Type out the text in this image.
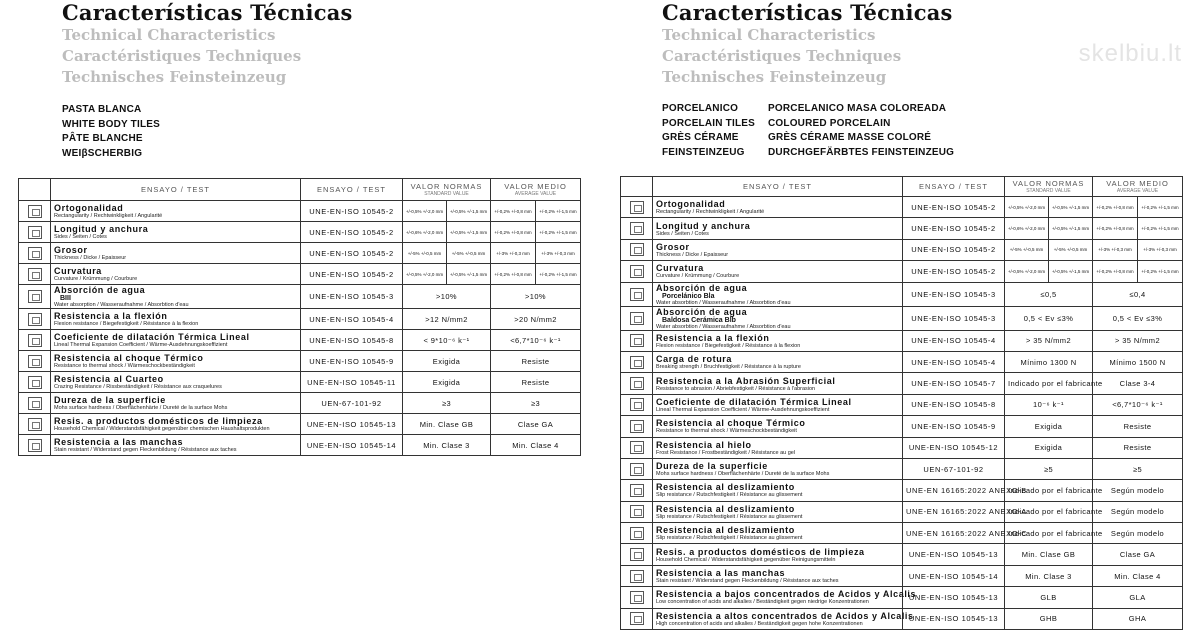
Características Técnicas
Technical Characteristics
Caractéristiques Techniques
Technisches Feinsteinzeug
PASTA BLANCA
WHITE BODY TILES
PÂTE BLANCHE
WEIβSCHERBIG
	ENSAYO / TEST	ENSAYO / TEST	VALOR NORMAS
STANDARD VALUE		VALOR MEDIO
AVERAGE VALUE	

	Ortogonalidad
Rectangularity / Rechtwinkligkeit / Angularité	UNE-EN-ISO 10545-2	+/-0,5% +/-2,0 mm	+/-0,5% +/-1,5 mm	+/-0,2% +/-0,8 mm	+/-0,2% +/-1,5 mm

	Longitud y anchura
Sides / Seiten / Cotes	UNE-EN-ISO 10545-2	+/-0,6% +/-2,0 mm	+/-0,5% +/-1,5 mm	+/-0,2% +/-0,8 mm	+/-0,2% +/-1,5 mm

	Grosor
Thickness / Dicke / Epaisseur	UNE-EN-ISO 10545-2	+/-5% +/-0,5 mm	+/-5% +/-0,5 mm	+/-3% +/-0,3 mm	+/-3% +/-0,3 mm

	Curvatura
Curvature / Krümmung / Courbure	UNE-EN-ISO 10545-2	+/-0,5% +/-2,0 mm	+/-0,5% +/-1,5 mm	+/-0,2% +/-0,8 mm	+/-0,2% +/-1,5 mm

	Absorción de agua
BIII
Water absorption / Wasseraufnahme / Absorbtion d'eau	UNE-EN-ISO 10545-3	>10%		>10%	

	Resistencia a la flexión
Flexion resistance / Biegefestigkeit / Résistance à la flexion	UNE-EN-ISO 10545-4	>12 N/mm2		>20 N/mm2	

	Coeficiente de dilatación Térmica Lineal
Lineal Thermal Expansion Coefficient / Wärme-Ausdehnungskoeffizient	UNE-EN-ISO 10545-8	< 9*10⁻⁶ k⁻¹		<6,7*10⁻⁶ k⁻¹	

	Resistencia al choque Térmico
Resistance to thermal shock / Wärmeschockbeständigkeit	UNE-EN-ISO 10545-9	Exigida		Resiste	

	Resistencia al Cuarteo
Crazing Resistance / Rissbeständigkeit / Résistance aux craquelures	UNE-EN-ISO 10545-11	Exigida		Resiste	

	Dureza de la superficie
Mohs surface hardness / Oberflächenhärte / Dureté de la surface Mohs	UEN-67-101-92	≥3		≥3	

	Resis. a productos domésticos de limpieza
Household Chemical / Widerstandsfähigkeit gegenüber chemischen Haushaltsprodukten	UNE-EN-ISO 10545-13	Min. Clase GB		Clase GA	

	Resistencia a las manchas
Stain resistant / Widerstand gegen Fleckenbildung / Résistance aux taches	UNE-EN-ISO 10545-14	Min. Clase 3		Min. Clase 4	
Características Técnicas
Technical Characteristics
Caractéristiques Techniques
Technisches Feinsteinzeug
skelbiu.lt
PORCELANICO
PORCELAIN TILES
GRÈS CÉRAME
FEINSTEINZEUG
PORCELANICO MASA COLOREADA
COLOURED PORCELAIN
GRÈS CÉRAME MASSE COLORÉ
DURCHGEFÄRBTES FEINSTEINZEUG
	ENSAYO / TEST	ENSAYO / TEST	VALOR NORMAS
STANDARD VALUE		VALOR MEDIO
AVERAGE VALUE	

	Ortogonalidad
Rectangularity / Rechtwinkligkeit / Angularité	UNE-EN-ISO 10545-2	+/-0,5% +/-2,0 mm	+/-0,5% +/-1,5 mm	+/-0,2% +/-0,8 mm	+/-0,2% +/-1,5 mm

	Longitud y anchura
Sides / Seiten / Cotes	UNE-EN-ISO 10545-2	+/-0,6% +/-2,0 mm	+/-0,5% +/-1,5 mm	+/-0,2% +/-0,8 mm	+/-0,2% +/-1,5 mm

	Grosor
Thickness / Dicke / Epaisseur	UNE-EN-ISO 10545-2	+/-5% +/-0,5 mm	+/-5% +/-0,5 mm	+/-3% +/-0,3 mm	+/-3% +/-0,3 mm

	Curvatura
Curvature / Krümmung / Courbure	UNE-EN-ISO 10545-2	+/-0,5% +/-2,0 mm	+/-0,5% +/-1,5 mm	+/-0,2% +/-0,8 mm	+/-0,2% +/-1,5 mm

	Absorción de agua
Porcelánico Bla
Water absorbtion / Wasseraufnahme / Absorbtion d'eau	UNE-EN-ISO 10545-3	≤0,5		≤0,4	

	Absorción de agua
Baldosa Cerámica Blb
Water absorbtion / Wasseraufnahme / Absorbtion d'eau	UNE-EN-ISO 10545-3	0,5 < Ev ≤3%		0,5 < Ev ≤3%	

	Resistencia a la flexión
Flexion resistance / Biegefestigkeit / Résistance à la flexion	UNE-EN-ISO 10545-4	> 35 N/mm2		> 35 N/mm2	

	Carga de rotura
Breaking strength / Bruchfestigkeit / Résistance à la rupture	UNE-EN-ISO 10545-4	Mínimo 1300 N		Mínimo 1500 N	

	Resistencia a la Abrasión Superficial
Resistance to abrasion / Abriebfestigkeit / Résistance à l'abrasion	UNE-EN-ISO 10545-7	Indicado por el fabricante		Clase 3-4	

	Coeficiente de dilatación Térmica Lineal
Lineal Thermal Expansion Coefficient / Wärme-Ausdehnungskoeffizient	UNE-EN-ISO 10545-8	10⁻⁶ k⁻¹		<6,7*10⁻⁶ k⁻¹	

	Resistencia al choque Térmico
Resistance to thermal shock / Wärmeschockbeständigkeit	UNE-EN-ISO 10545-9	Exigida		Resiste	

	Resistencia al hielo
Frost Resistance / Frostbeständigkeit / Résistance au gel	UNE-EN-ISO 10545-12	Exigida		Resiste	

	Dureza de la superficie
Mohs surface hardness / Oberflächenhärte / Dureté de la surface Mohs	UEN-67-101-92	≥5		≥5	

	Resistencia al deslizamiento
Slip resistance / Rutschfestigkeit / Résistance au glissement	UNE-EN 16165:2022 ANEXO-B	Indicado por el fabricante		Según modelo	

	Resistencia al deslizamiento
Slip resistance / Rutschfestigkeit / Résistance au glissement	UNE-EN 16165:2022 ANEXO-A	Indicado por el fabricante		Según modelo	

	Resistencia al deslizamiento
Slip resistance / Rutschfestigkeit / Résistance au glissement	UNE-EN 16165:2022 ANEXO-C	Indicado por el fabricante		Según modelo	

	Resis. a productos domésticos de limpieza
Household Chemical / Widerstandsfähigkeit gegenüber Reinigungsmitteln	UNE-EN-ISO 10545-13	Min. Clase GB		Clase GA	

	Resistencia a las manchas
Stain resistant / Widerstand gegen Fleckenbildung / Résistance aux taches	UNE-EN-ISO 10545-14	Min. Clase 3		Min. Clase 4	

	Resistencia a bajos concentrados de Acidos y Alcalis
Low concentration of acids and alkalies / Beständigkeit gegen niedrige Konzentrationen	UNE-EN-ISO 10545-13	GLB		GLA	

	Resistencia a altos concentrados de Acidos y Alcalis
High concentration of acids and alkalies / Beständigkeit gegen hohe Konzentrationen	UNE-EN-ISO 10545-13	GHB		GHA	
